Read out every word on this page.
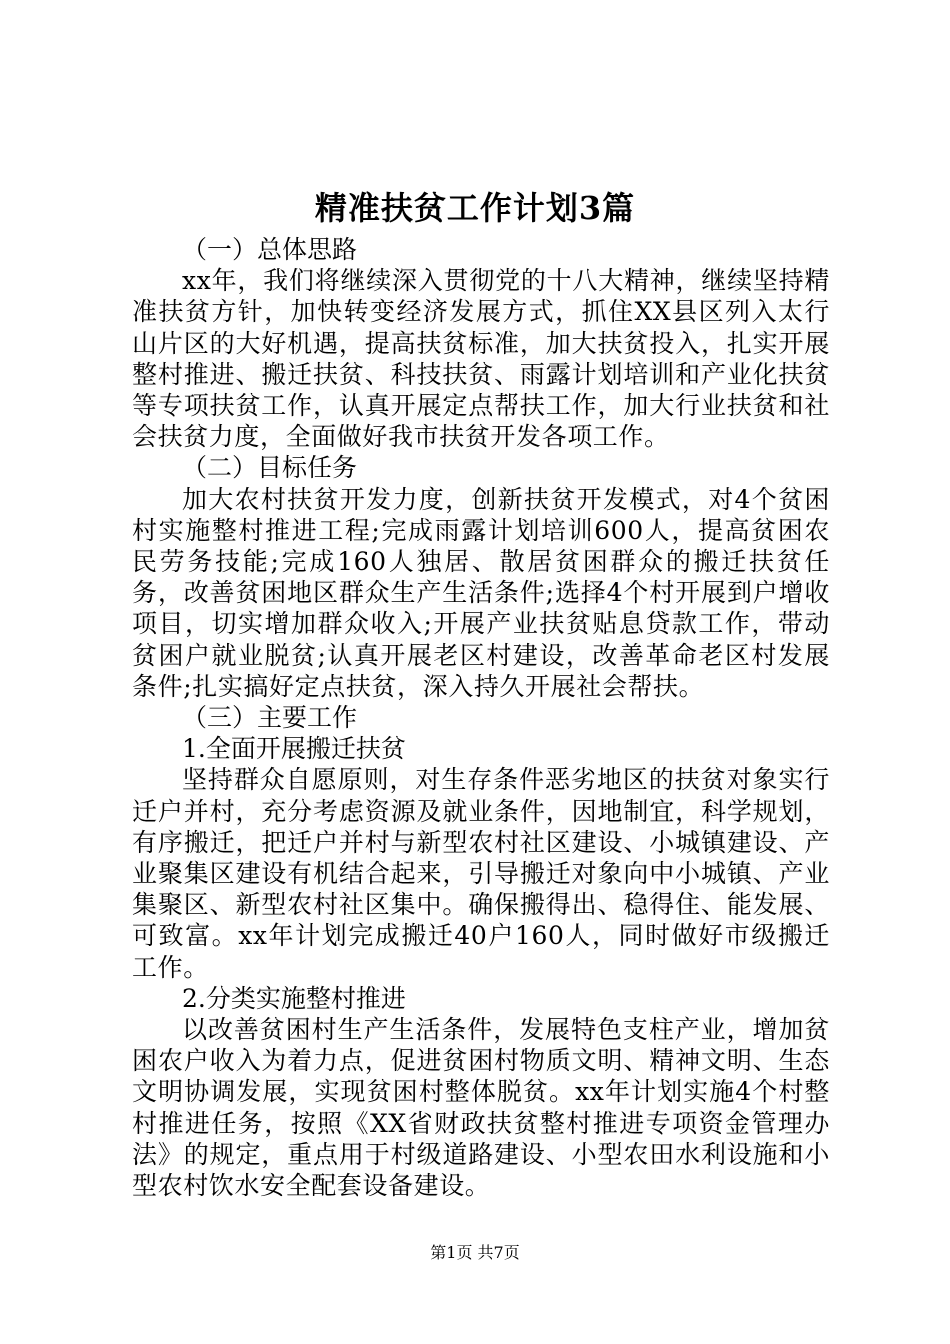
精准扶贫工作计划3篇

（一）总体思路

xx年，我们将继续深入贯彻党的十八大精神，继续坚持精准扶贫方针，加快转变经济发展方式，抓住XX县区列入太行山片区的大好机遇，提高扶贫标准，加大扶贫投入，扎实开展整村推进、搬迁扶贫、科技扶贫、雨露计划培训和产业化扶贫等专项扶贫工作，认真开展定点帮扶工作，加大行业扶贫和社会扶贫力度，全面做好我市扶贫开发各项工作。

（二）目标任务

加大农村扶贫开发力度，创新扶贫开发模式，对4个贫困村实施整村推进工程;完成雨露计划培训600人，提高贫困农民劳务技能;完成160人独居、散居贫困群众的搬迁扶贫任务，改善贫困地区群众生产生活条件;选择4个村开展到户增收项目，切实增加群众收入;开展产业扶贫贴息贷款工作，带动贫困户就业脱贫;认真开展老区村建设，改善革命老区村发展条件;扎实搞好定点扶贫，深入持久开展社会帮扶。

（三）主要工作

1.全面开展搬迁扶贫

坚持群众自愿原则，对生存条件恶劣地区的扶贫对象实行迁户并村，充分考虑资源及就业条件，因地制宜，科学规划，有序搬迁，把迁户并村与新型农村社区建设、小城镇建设、产业聚集区建设有机结合起来，引导搬迁对象向中小城镇、产业集聚区、新型农村社区集中。确保搬得出、稳得住、能发展、可致富。xx年计划完成搬迁40户160人，同时做好市级搬迁工作。

2.分类实施整村推进

以改善贫困村生产生活条件，发展特色支柱产业，增加贫困农户收入为着力点，促进贫困村物质文明、精神文明、生态文明协调发展，实现贫困村整体脱贫。xx年计划实施4个村整村推进任务，按照《XX省财政扶贫整村推进专项资金管理办法》的规定，重点用于村级道路建设、小型农田水利设施和小型农村饮水安全配套设备建设。

第1页 共7页
